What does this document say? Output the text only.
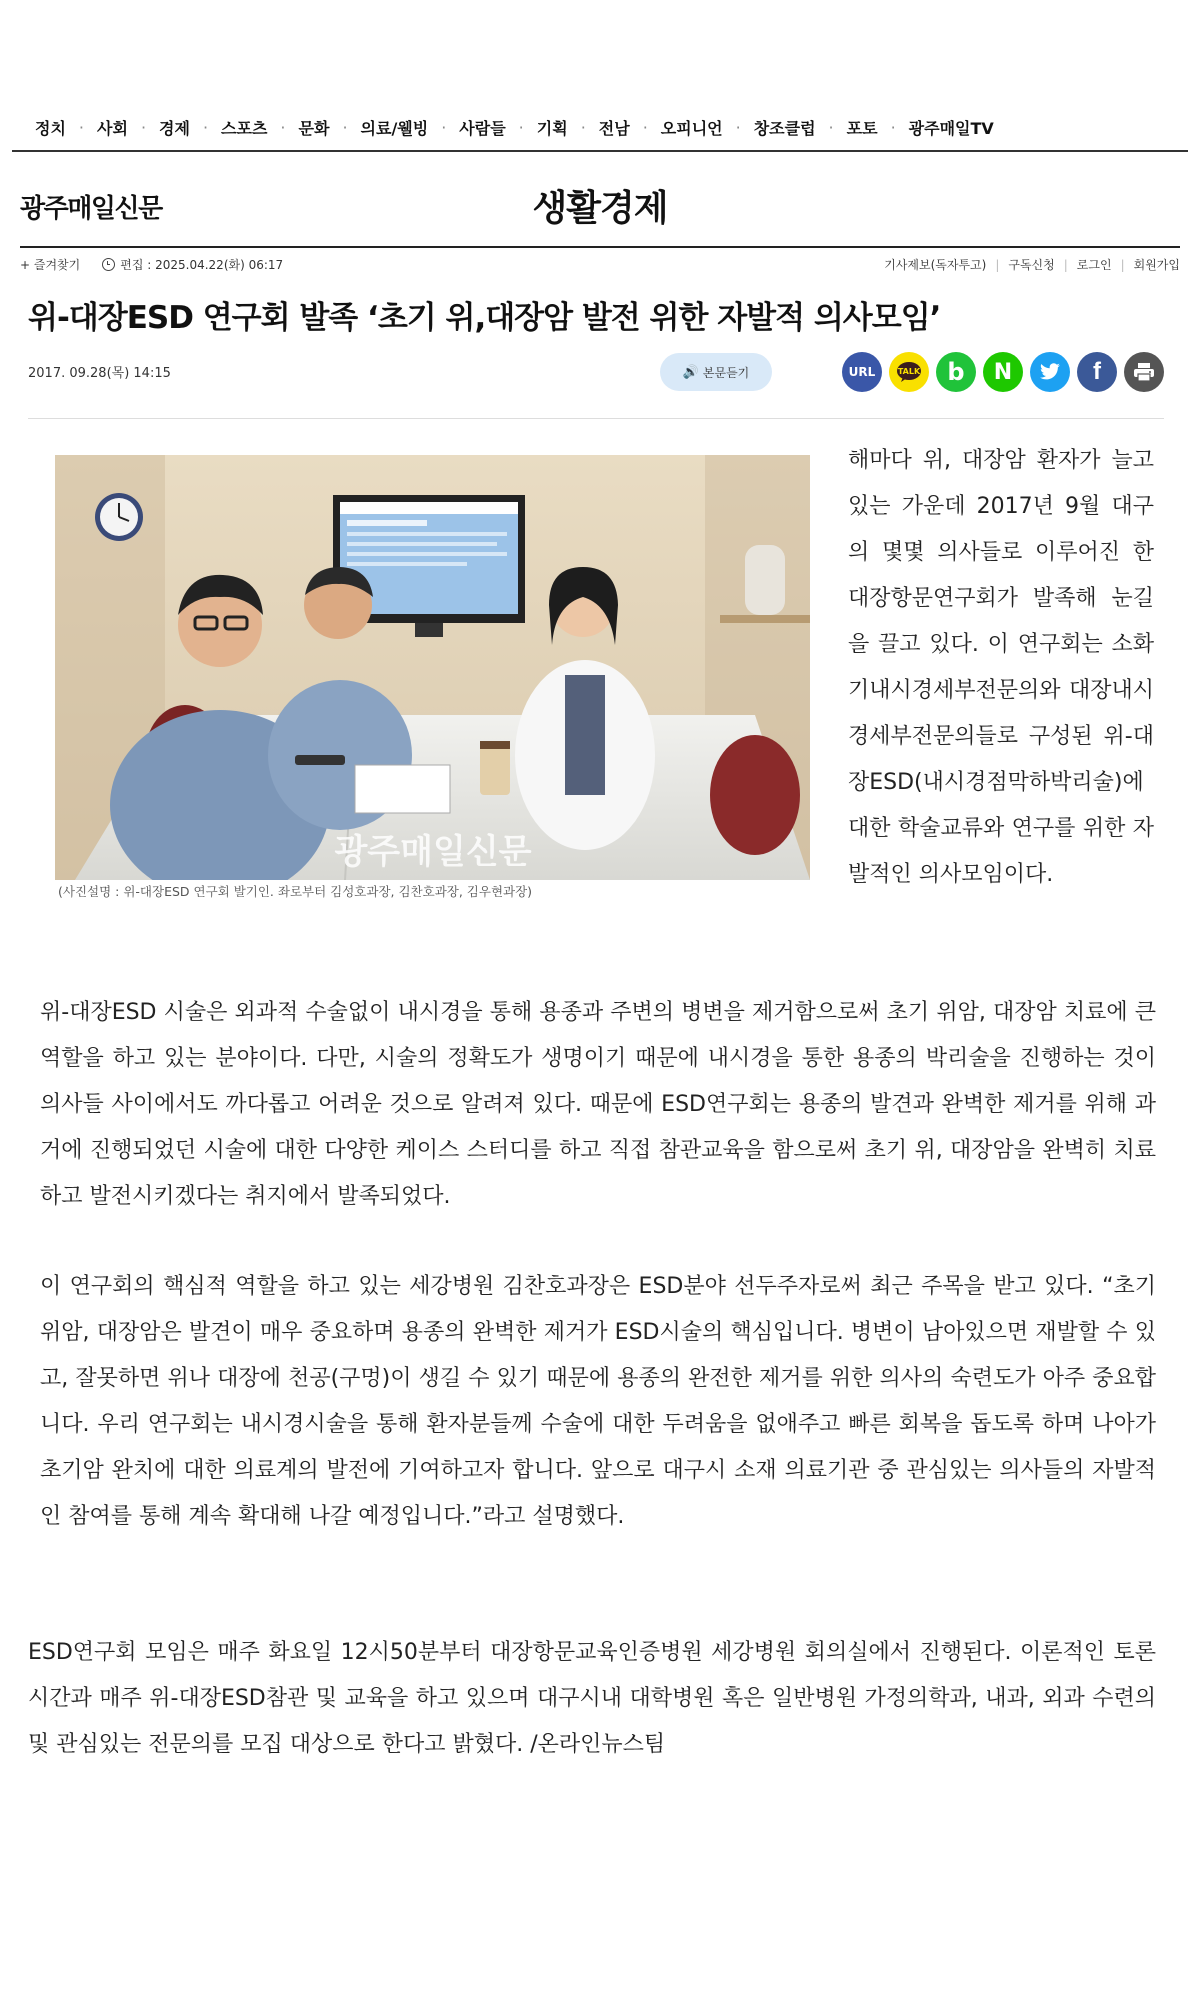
정치 · 사회 · 경제 · 스포츠 · 문화 · 의료/웰빙 · 사람들 · 기획 · 전남 · 오피니언 · 창조클럽 · 포토 · 광주매일TV
생활경제
광주매일신문
+ 즐겨찾기	편집 : 2025.04.22(화) 06:17	기사제보(독자투고) | 구독신청 | 로그인 | 회원가입
위-대장ESD 연구회 발족 ‘초기 위,대장암 발전 위한 자발적 의사모임’
2017. 09.28(목) 14:15	🔊 본문듣기	URL	TALK b N	f
광주매일신문
(사진설명 : 위-대장ESD 연구회 발기인. 좌로부터 김성호과장, 김찬호과장, 김우현과장)

해마다 위, 대장암 환자가 늘고 있는 가운데 2017년 9월 대구의 몇몇 의사들로 이루어진 한 대장항문연구회가 발족해 눈길을 끌고 있다. 이 연구회는 소화기내시경세부전문의와 대장내시경세부전문의들로 구성된 위-대장ESD(내시경점막하박리술)에 대한 학술교류와 연구를 위한 자발적인 의사모임이다.

위-대장ESD 시술은 외과적 수술없이 내시경을 통해 용종과 주변의 병변을 제거함으로써 초기 위암, 대장암 치료에 큰 역할을 하고 있는 분야이다. 다만, 시술의 정확도가 생명이기 때문에 내시경을 통한 용종의 박리술을 진행하는 것이 의사들 사이에서도 까다롭고 어려운 것으로 알려져 있다. 때문에 ESD연구회는 용종의 발견과 완벽한 제거를 위해 과거에 진행되었던 시술에 대한 다양한 케이스 스터디를 하고 직접 참관교육을 함으로써 초기 위, 대장암을 완벽히 치료하고 발전시키겠다는 취지에서 발족되었다.

이 연구회의 핵심적 역할을 하고 있는 세강병원 김찬호과장은 ESD분야 선두주자로써 최근 주목을 받고 있다. “초기 위암, 대장암은 발견이 매우 중요하며 용종의 완벽한 제거가 ESD시술의 핵심입니다. 병변이 남아있으면 재발할 수 있고, 잘못하면 위나 대장에 천공(구멍)이 생길 수 있기 때문에 용종의 완전한 제거를 위한 의사의 숙련도가 아주 중요합니다. 우리 연구회는 내시경시술을 통해 환자분들께 수술에 대한 두려움을 없애주고 빠른 회복을 돕도록 하며 나아가 초기암 완치에 대한 의료계의 발전에 기여하고자 합니다. 앞으로 대구시 소재 의료기관 중 관심있는 의사들의 자발적인 참여를 통해 계속 확대해 나갈 예정입니다.”라고 설명했다.

ESD연구회 모임은 매주 화요일 12시50분부터 대장항문교육인증병원 세강병원 회의실에서 진행된다. 이론적인 토론시간과 매주 위-대장ESD참관 및 교육을 하고 있으며 대구시내 대학병원 혹은 일반병원 가정의학과, 내과, 외과 수련의 및 관심있는 전문의를 모집 대상으로 한다고 밝혔다. /온라인뉴스팀
